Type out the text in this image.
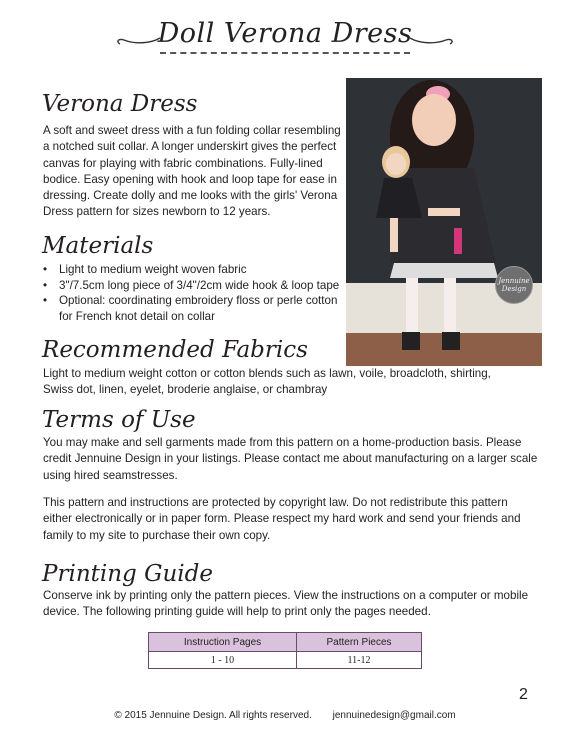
Doll Verona Dress
Verona Dress

A soft and sweet dress with a fun folding collar resembling a notched suit collar. A longer underskirt gives the perfect canvas for playing with fabric combinations. Fully-lined bodice. Easy opening with hook and loop tape for ease in dressing. Create dolly and me looks with the girls' Verona Dress pattern for sizes newborn to 12 years.

Jennuine
Design
Materials
• Light to medium weight woven fabric
• 3"/7.5cm long piece of 3/4"/2cm wide hook & loop tape
• Optional: coordinating embroidery floss or perle cotton for French knot detail on collar
Recommended Fabrics

Light to medium weight cotton or cotton blends such as lawn, voile, broadcloth, shirting, Swiss dot, linen, eyelet, broderie anglaise, or chambray

Terms of Use

You may make and sell garments made from this pattern on a home-production basis. Please credit Jennuine Design in your listings. Please contact me about manufacturing on a larger scale using hired seamstresses.

This pattern and instructions are protected by copyright law. Do not redistribute this pattern either electronically or in paper form. Please respect my hard work and send your friends and family to my site to purchase their own copy.

Printing Guide

Conserve ink by printing only the pattern pieces. View the instructions on a computer or mobile device. The following printing guide will help to print only the pages needed.

Instruction Pages	Pattern Pieces
1 - 10	11-12
2
© 2015 Jennuine Design. All rights reserved. jennuinedesign@gmail.com
